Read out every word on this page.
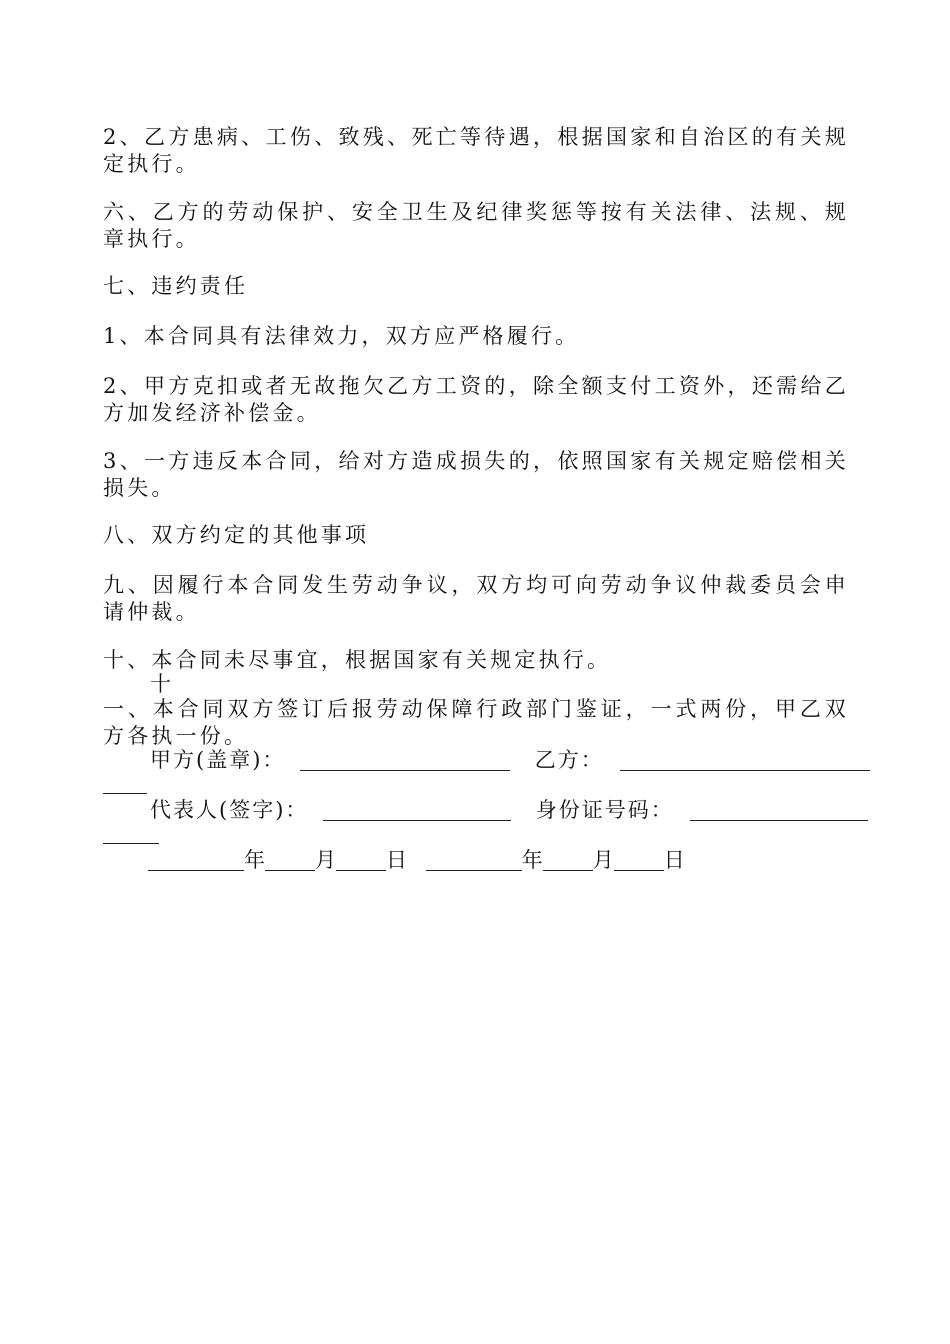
2、乙方患病、工伤、致残、死亡等待遇，根据国家和自治区的有关规定执行。

六、乙方的劳动保护、安全卫生及纪律奖惩等按有关法律、法规、规章执行。

七、违约责任

1、本合同具有法律效力，双方应严格履行。

2、甲方克扣或者无故拖欠乙方工资的，除全额支付工资外，还需给乙方加发经济补偿金。

3、一方违反本合同，给对方造成损失的，依照国家有关规定赔偿相关损失。

八、双方约定的其他事项

九、因履行本合同发生劳动争议，双方均可向劳动争议仲裁委员会申请仲裁。

十、本合同未尽事宜，根据国家有关规定执行。

十

一、本合同双方签订后报劳动保障行政部门鉴证，一式两份，甲乙双方各执一份。

甲方(盖章)：	乙方：
代表人(签字)：	身份证号码：
年 月 日	年 月 日
